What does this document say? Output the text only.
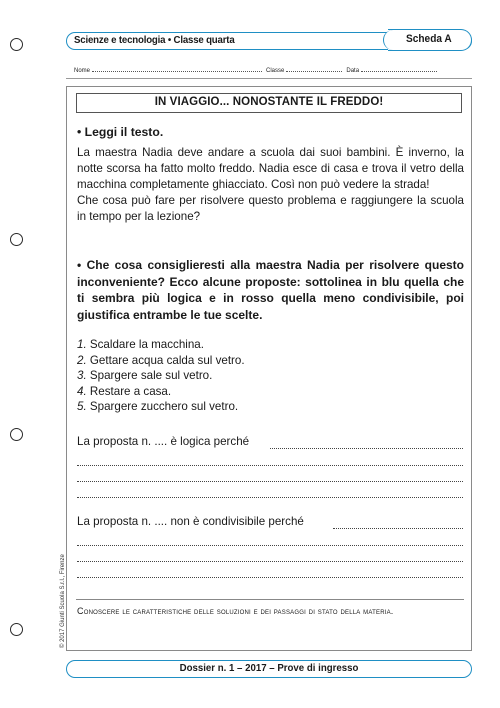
Scienze e tecnologia • Classe quarta	Scheda A
Nome	Classe	Data
IN VIAGGIO... NONOSTANTE IL FREDDO!

• Leggi il testo.

La maestra Nadia deve andare a scuola dai suoi bambini. È inverno, la notte scorsa ha fatto molto freddo. Nadia esce di casa e trova il vetro della macchina completamente ghiacciato. Così non può vedere la strada!

Che cosa può fare per risolvere questo problema e raggiungere la scuola in tempo per la lezione?

• Che cosa consiglieresti alla maestra Nadia per risolvere questo inconveniente? Ecco alcune proposte: sottolinea in blu quella che ti sembra più logica e in rosso quella meno condivisibile, poi giustifica entrambe le tue scelte.

1. Scaldare la macchina.
2. Gettare acqua calda sul vetro.
3. Spargere sale sul vetro.
4. Restare a casa.
5. Spargere zucchero sul vetro.
La proposta n. .... è logica perché
La proposta n. .... non è condivisibile perché
Conoscere le caratteristiche delle soluzioni e dei passaggi di stato della materia.
© 2017 Giunti Scuola S.r.l., Firenze
Dossier n. 1 – 2017 – Prove di ingresso
